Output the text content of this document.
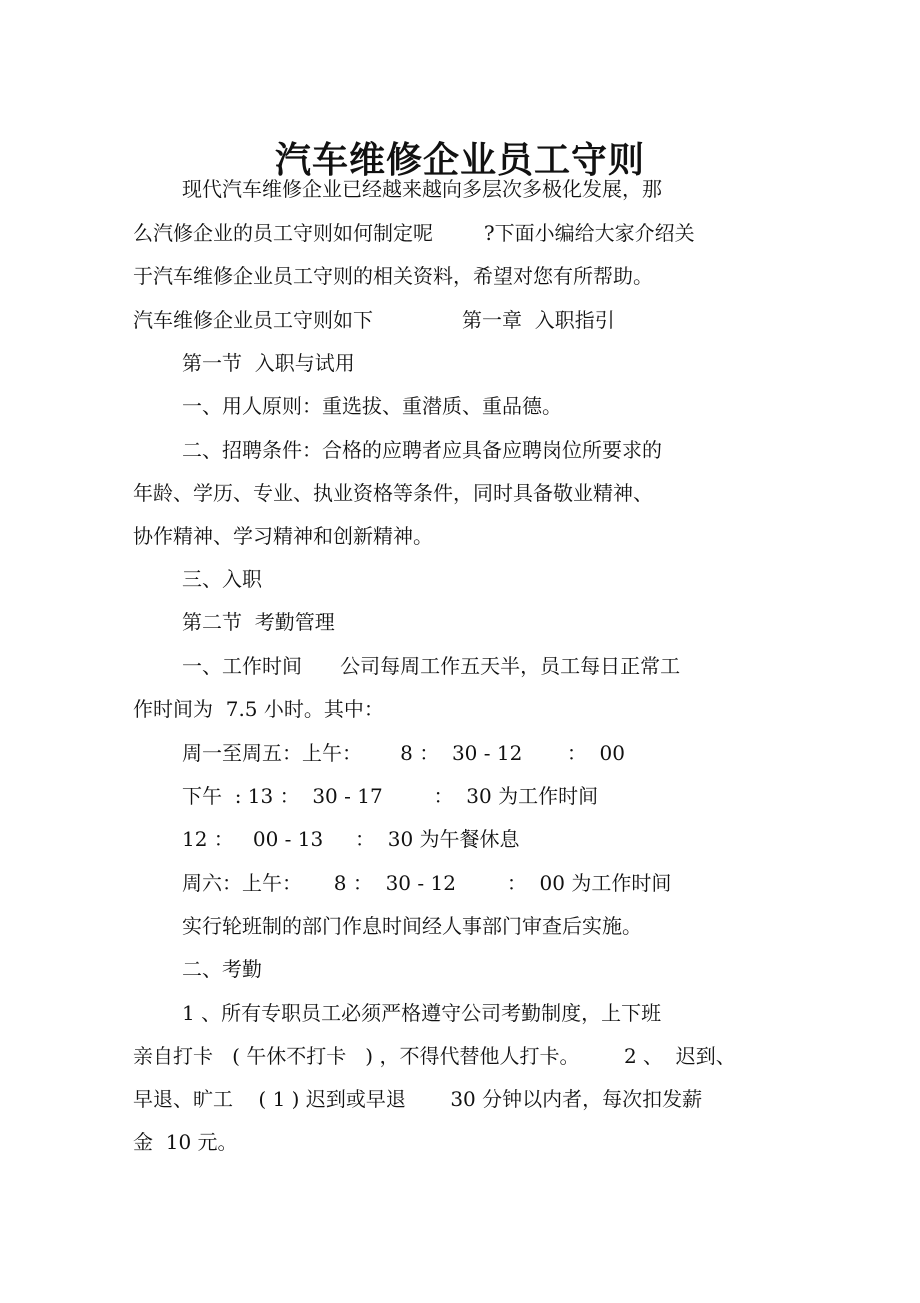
汽车维修企业员工守则

现代汽车维修企业已经越来越向多层次多极化发展，那

么汽修企业的员工守则如何制定呢        ?下面小编给大家介绍关

于汽车维修企业员工守则的相关资料，希望对您有所帮助。

汽车维修企业员工守则如下              第一章  入职指引

第一节  入职与试用

一、用人原则：重选拔、重潜质、重品德。

二、招聘条件：合格的应聘者应具备应聘岗位所要求的

年龄、学历、专业、执业资格等条件，同时具备敬业精神、

协作精神、学习精神和创新精神。

三、入职

第二节  考勤管理

一、工作时间      公司每周工作五天半，员工每日正常工

作时间为  7.5 小时。其中：

周一至周五：上午：      8 ：  30 - 12       ：  00

下午  : 13 ：  30 - 17        ：  30 为工作时间

12 ：   00 - 13     ：  30 为午餐休息

周六：上午：     8 ：  30 - 12        ：  00 为工作时间

实行轮班制的部门作息时间经人事部门审查后实施。

二、考勤

1 、所有专职员工必须严格遵守公司考勤制度，上下班

亲自打卡   ( 午休不打卡   ) ，不得代替他人打卡。       2 、  迟到、

早退、旷工    ( 1 ) 迟到或早退       30 分钟以内者，每次扣发薪

金  10 元。
